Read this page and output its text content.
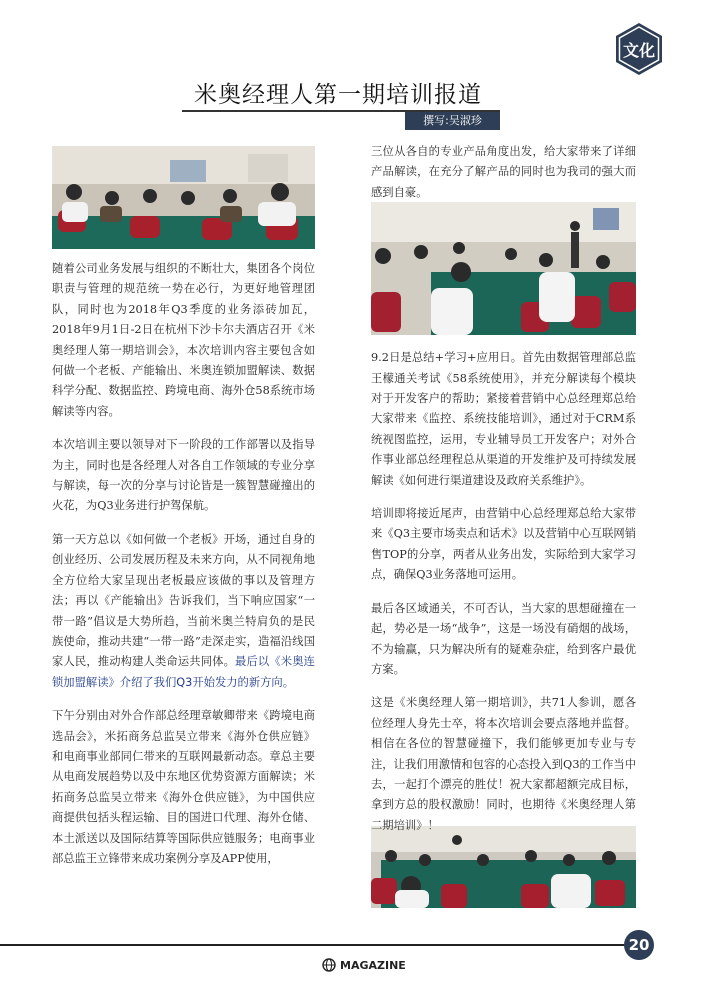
文化
米奥经理人第一期培训报道
撰写:吴淑珍

随着公司业务发展与组织的不断壮大，集团各个岗位职责与管理的规范统一势在必行，为更好地管理团队，同时也为2018年Q3季度的业务添砖加瓦， 2018年9月1日-2日在杭州下沙卡尔夫酒店召开《米奥经理人第一期培训会》，本次培训内容主要包含如何做一个老板、产能输出、米奥连锁加盟解读、数据科学分配、数据监控、跨境电商、海外仓58系统市场解读等内容。

本次培训主要以领导对下一阶段的工作部署以及指导为主，同时也是各经理人对各自工作领域的专业分享与解读，每一次的分享与讨论皆是一簇智慧碰撞出的火花，为Q3业务进行护驾保航。

第一天方总以《如何做一个老板》开场，通过自身的创业经历、公司发展历程及未来方向，从不同视角地全方位给大家呈现出老板最应该做的事以及管理方法；再以《产能输出》告诉我们，当下响应国家“一带一路”倡议是大势所趋，当前米奥兰特肩负的是民族使命，推动共建“一带一路”走深走实，造福沿线国家人民，推动构建人类命运共同体。最后以《米奥连锁加盟解读》介绍了我们Q3开始发力的新方向。

下午分别由对外合作部总经理章敏卿带来《跨境电商选品会》，米拓商务总监吴立带来《海外仓供应链》和电商事业部同仁带来的互联网最新动态。章总主要从电商发展趋势以及中东地区优势资源方面解读；米拓商务总监吴立带来《海外仓供应链》，为中国供应商提供包括头程运输、目的国进口代理、海外仓储、本土派送以及国际结算等国际供应链服务；电商事业部总监王立锋带来成功案例分享及APP使用，

三位从各自的专业产品角度出发，给大家带来了详细产品解读，在充分了解产品的同时也为我司的强大而感到自豪。

9.2日是总结+学习+应用日。首先由数据管理部总监王檬通关考试《58系统使用》，并充分解读每个模块对于开发客户的帮助；紧接着营销中心总经理郑总给大家带来《监控、系统技能培训》，通过对于CRM系统视图监控，运用，专业辅导员工开发客户；对外合作事业部总经理程总从渠道的开发维护及可持续发展解读《如何进行渠道建设及政府关系维护》。

培训即将接近尾声，由营销中心总经理郑总给大家带来《Q3主要市场卖点和话术》以及营销中心互联网销售TOP的分享，两者从业务出发，实际给到大家学习点，确保Q3业务落地可运用。

最后各区域通关，不可否认，当大家的思想碰撞在一起，势必是一场“战争”，这是一场没有硝烟的战场，不为输赢，只为解决所有的疑难杂症，给到客户最优方案。

这是《米奥经理人第一期培训》，共71人参训，愿各位经理人身先士卒，将本次培训会要点落地并监督。相信在各位的智慧碰撞下，我们能够更加专业与专注，让我们用激情和包容的心态投入到Q3的工作当中去，一起打个漂亮的胜仗！祝大家都超额完成目标，拿到方总的股权激励！同时，也期待《米奥经理人第二期培训》！

20
MAGAZINE
